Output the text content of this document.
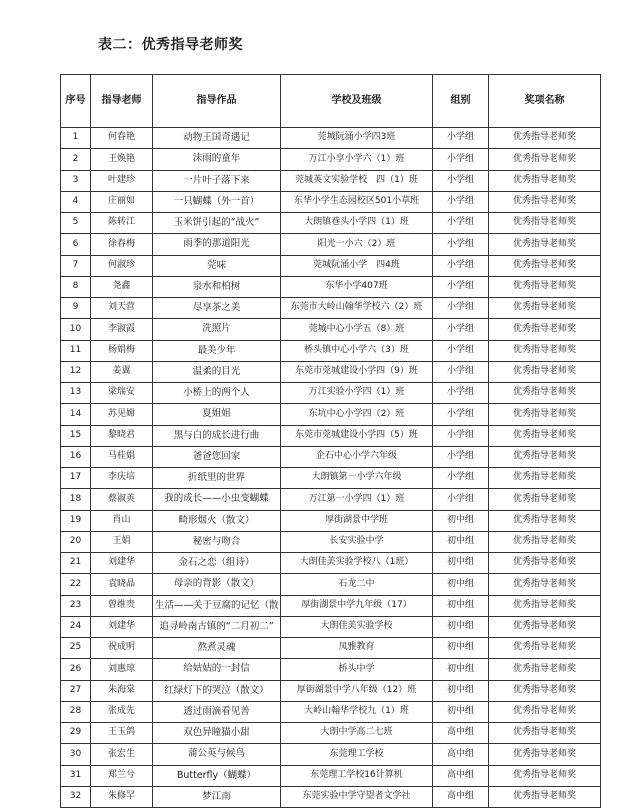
表二：优秀指导老师奖
序号	指导老师	指导作品	学校及班级	组别	奖项名称
1	何春艳	动物王国奇遇记	莞城阮涌小学四3班	小学组	优秀指导老师奖
2	王焕艳	沫雨的童年	万江小享小学六（1）班	小学组	优秀指导老师奖
3	叶建珍	一片叶子落下来	莞城英文实验学校　四（1）班	小学组	优秀指导老师奖
4	庄丽如	一只蝴蝶（外一首）	东华小学生态园校区501小草班	小学组	优秀指导老师奖
5	陈转江	玉米饼引起的“战火”	大朗镇巷头小学四（1）班	小学组	优秀指导老师奖
6	徐春梅	雨季的那道阳光	阳光一小六（2）班	小学组	优秀指导老师奖
7	何淑珍	莞味	莞城阮涌小学　四4班	小学组	优秀指导老师奖
8	尧鑫	泉水和柏树	东华小学407班	小学组	优秀指导老师奖
9	刘天营	尽享茶之美	东莞市大岭山翰华学校六（2）班	小学组	优秀指导老师奖
10	李淑霞	洗照片	莞城中心小学五（8）班	小学组	优秀指导老师奖
11	杨娟梅	最美少年	桥头镇中心小学六（3）班	小学组	优秀指导老师奖
12	姜翼	温柔的目光	东莞市莞城建设小学四（9）班	小学组	优秀指导老师奖
13	梁瑞安	小桥上的两个人	万江实验小学四（1）班	小学组	优秀指导老师奖
14	苏见嫦	夏姐姐	东坑中心小学四（2）班	小学组	优秀指导老师奖
15	黎晓君	黑与白的成长进行曲	东莞市莞城建设小学四（5）班	小学组	优秀指导老师奖
16	马桂娟	爸爸您回家	企石中心小学六年级	小学组	优秀指导老师奖
17	李庆培	折纸里的世界	大朗镇第一小学六年级	小学组	优秀指导老师奖
18	蔡淑英	我的成长——小虫变蝴蝶	万江第一小学四（1）班	小学组	优秀指导老师奖
19	肖山	畸形烟火（散文）	厚街湖景中学班	初中组	优秀指导老师奖
20	王娟	秘密与吻合	长安实验中学	初中组	优秀指导老师奖
21	刘建华	金石之恋（组诗）	大朗佳美实验学校八（1班）	初中组	优秀指导老师奖
22	袁晓晶	母亲的背影（散文）	石龙二中	初中组	优秀指导老师奖
23	曾维贵	生活——关于豆腐的记忆（散	厚街湖景中学九年级（17）	初中组	优秀指导老师奖
24	刘建华	追寻岭南古镇的“二月初二”	大朗佳美实验学校	初中组	优秀指导老师奖
25	祝成明	熬煮灵魂	凤雅教育	初中组	优秀指导老师奖
26	刘惠琼	给姑姑的一封信	桥头中学	初中组	优秀指导老师奖
27	朱海棠	红绿灯下的哭泣（散文）	厚街湖景中学八年级（12）班	初中组	优秀指导老师奖
28	张成先	透过雨滴看见善	大岭山翰华学校九（1）班	初中组	优秀指导老师奖
29	王玉鸽	双色异瞳猫小甜	大朗中学高二七班	高中组	优秀指导老师奖
30	张宏生	蒲公英与候鸟	东莞理工学校	高中组	优秀指导老师奖
31	郑兰兮	Butterfly（蝴蝶）	东莞理工学校16计算机	高中组	优秀指导老师奖
32	朱修罕	梦江南	东莞实验中学守望者文学社	高中组	优秀指导老师奖
